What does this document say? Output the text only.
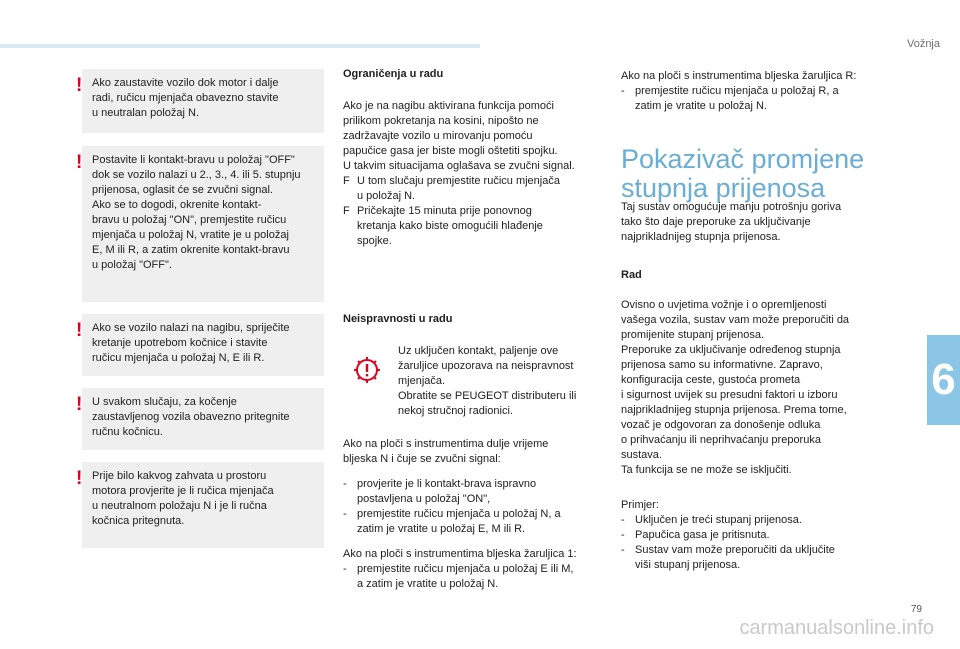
Vožnja
6
79
carmanualsonline.info
! Ako zaustavite vozilo dok motor i dalje

radi, ručicu mjenjača obavezno stavite

u neutralan položaj N.

! Postavite li kontakt-bravu u položaj "OFF"

dok se vozilo nalazi u 2., 3., 4. ili 5. stupnju

prijenosa, oglasit će se zvučni signal.

Ako se to dogodi, okrenite kontakt-

bravu u položaj "ON", premjestite ručicu

mjenjača u položaj N, vratite je u položaj

E, M ili R, a zatim okrenite kontakt-bravu

u položaj "OFF".

! Ako se vozilo nalazi na nagibu, spriječite

kretanje upotrebom kočnice i stavite

ručicu mjenjača u položaj N, E ili R.

! U svakom slučaju, za kočenje

zaustavljenog vozila obavezno pritegnite

ručnu kočnicu.

! Prije bilo kakvog zahvata u prostoru

motora provjerite je li ručica mjenjača

u neutralnom položaju N i je li ručna

kočnica pritegnuta.

Ograničenja u radu

Ako je na nagibu aktivirana funkcija pomoći

prilikom pokretanja na kosini, nipošto ne

zadržavajte vozilo u mirovanju pomoću

papučice gasa jer biste mogli oštetiti spojku.

U takvim situacijama oglašava se zvučni signal.

F U tom slučaju premjestite ručicu mjenjača

u položaj N.

F Pričekajte 15 minuta prije ponovnog

kretanja kako biste omogućili hlađenje

spojke.

Neispravnosti u radu

Uz uključen kontakt, paljenje ove

žaruljice upozorava na neispravnost

mjenjača.

Obratite se PEUGEOT distributeru ili

nekoj stručnoj radionici.

Ako na ploči s instrumentima dulje vrijeme

bljeska N i čuje se zvučni signal:

- provjerite je li kontakt-brava ispravno

postavljena u položaj "ON",

- premjestite ručicu mjenjača u položaj N, a

zatim je vratite u položaj E, M ili R.

Ako na ploči s instrumentima bljeska žaruljica 1:

- premjestite ručicu mjenjača u položaj E ili M,

a zatim je vratite u položaj N.

Ako na ploči s instrumentima bljeska žaruljica R:

- premjestite ručicu mjenjača u položaj R, a

zatim je vratite u položaj N.

Pokazivač promjene
stupnja prijenosa

Taj sustav omogućuje manju potrošnju goriva

tako što daje preporuke za uključivanje

najprikladnijeg stupnja prijenosa.

Rad

Ovisno o uvjetima vožnje i o opremljenosti

vašega vozila, sustav vam može preporučiti da

promijenite stupanj prijenosa.

Preporuke za uključivanje određenog stupnja

prijenosa samo su informativne. Zapravo,

konfiguracija ceste, gustoća prometa

i sigurnost uvijek su presudni faktori u izboru

najprikladnijeg stupnja prijenosa. Prema tome,

vozač je odgovoran za donošenje odluka

o prihvaćanju ili neprihvaćanju preporuka

sustava.

Ta funkcija se ne može se isključiti.

Primjer:

- Uključen je treći stupanj prijenosa.

- Papučica gasa je pritisnuta.

- Sustav vam može preporučiti da uključite

viši stupanj prijenosa.
